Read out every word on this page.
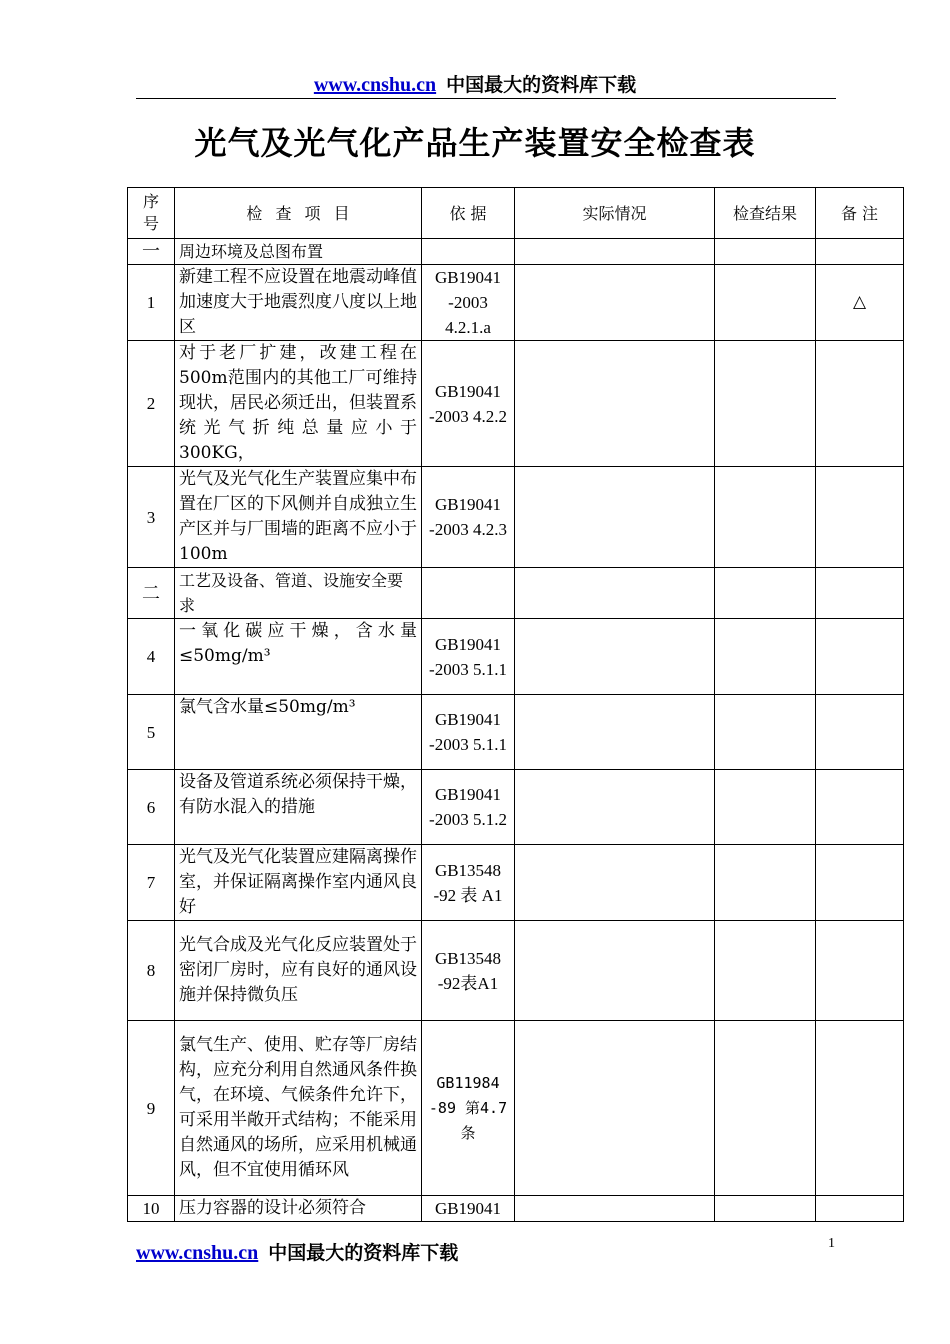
www.cnshu.cn 中国最大的资料库下载
光气及光气化产品生产装置安全检查表
序号	检 查 项 目	依 据	实际情况	检查结果	备 注
一	周边环境及总图布置				
1	新建工程不应设置在地震动峰值加速度大于地震烈度八度以上地区	GB19041 -2003 4.2.1.a			△
2	对于老厂扩建，改建工程在500m范围内的其他工厂可维持现状，居民必须迁出，但装置系统光气折纯总量应小于300KG，	GB19041 -2003 4.2.2			
3	光气及光气化生产装置应集中布置在厂区的下风侧并自成独立生产区并与厂围墙的距离不应小于100m	GB19041 -2003 4.2.3			
二	工艺及设备、管道、设施安全要求				
4	一氧化碳应干燥，含水量≤50mg/m³	GB19041 -2003 5.1.1			
5	氯气含水量≤50mg/m³	GB19041 -2003 5.1.1			
6	设备及管道系统必须保持干燥，有防水混入的措施	GB19041 -2003 5.1.2			
7	光气及光气化装置应建隔离操作室，并保证隔离操作室内通风良好	GB13548 -92 表 A1			
8	光气合成及光气化反应装置处于密闭厂房时，应有良好的通风设施并保持微负压	GB13548 -92表A1			
9	氯气生产、使用、贮存等厂房结构，应充分利用自然通风条件换气，在环境、气候条件允许下，可采用半敞开式结构；不能采用自然通风的场所，应采用机械通风，但不宜使用循环风	GB11984 -89 第4.7条			
10	压力容器的设计必须符合	GB19041			
www.cnshu.cn 中国最大的资料库下载	1
